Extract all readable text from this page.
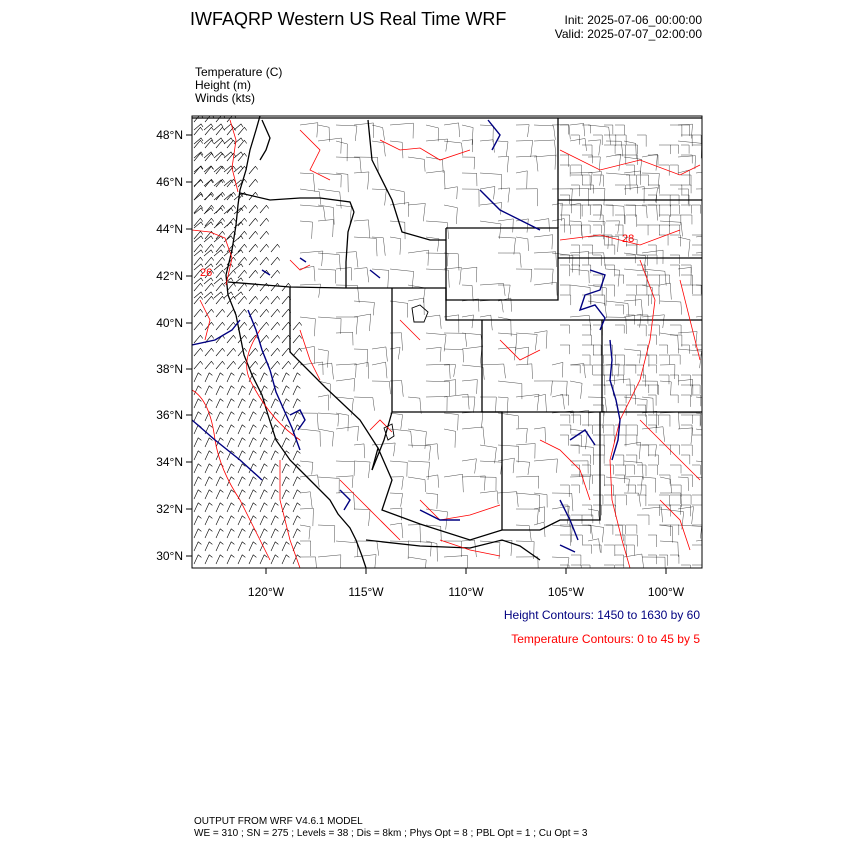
IWFAQRP Western US Real Time WRF	Init: 2025-07-06_00:00:00
Valid: 2025-07-07_02:00:00
Temperature (C)
Height (m)
Winds (kts)
48°N
46°N
44°N
42°N
40°N
38°N
36°N
34°N
32°N
30°N
120°W	115°W	110°W	105°W	100°W
28
26
Height Contours: 1450 to 1630 by 60
Temperature Contours: 0 to 45 by 5
OUTPUT FROM WRF V4.6.1 MODEL
WE = 310 ; SN = 275 ; Levels = 38 ; Dis = 8km ; Phys Opt = 8 ; PBL Opt = 1 ; Cu Opt = 3
